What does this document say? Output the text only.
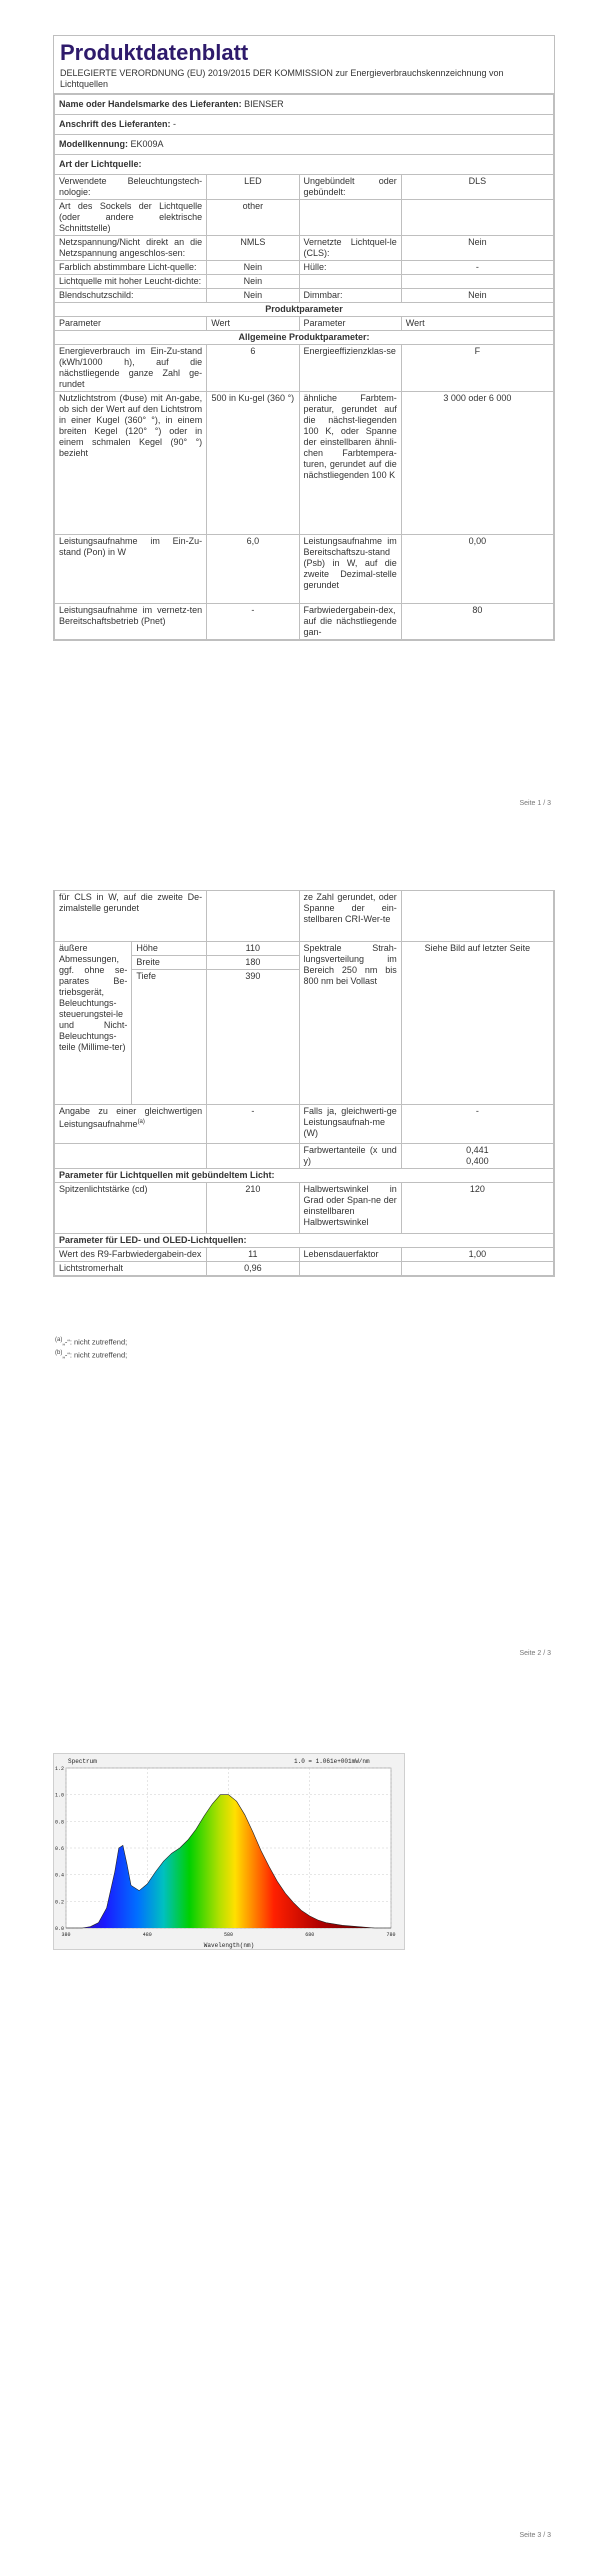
Produktdatenblatt
DELEGIERTE VERORDNUNG (EU) 2019/2015 DER KOMMISSION zur Energieverbrauchskennzeichnung von Lichtquellen
Name oder Handelsmarke des Lieferanten: BIENSER			
Anschrift des Lieferanten: -			
Modellkennung: EK009A			
Art der Lichtquelle:			
Verwendete Beleuchtungstech-nologie:	LED	Ungebündelt oder gebündelt:	DLS
Art des Sockels der Lichtquelle (oder andere elektrische Schnittstelle)	other		
Netzspannung/Nicht direkt an die Netzspannung angeschlos-sen:	NMLS	Vernetzte Lichtquel-le (CLS):	Nein
Farblich abstimmbare Licht-quelle:	Nein	Hülle:	-
Lichtquelle mit hoher Leucht-dichte:	Nein		
Blendschutzschild:	Nein	Dimmbar:	Nein
Produktparameter			
Parameter	Wert	Parameter	Wert
Allgemeine Produktparameter:			
Energieverbrauch im Ein-Zu-stand (kWh/1000 h), auf die nächstliegende ganze Zahl ge-rundet	6	Energieeffizienzklas-se	F
Nutzlichtstrom (Φuse) mit An-gabe, ob sich der Wert auf den Lichtstrom in einer Kugel (360° °), in einem breiten Kegel (120° °) oder in einem schmalen Kegel (90° °) bezieht	500 in Ku-gel (360 °)	ähnliche Farbtem-peratur, gerundet auf die nächst-liegenden 100 K, oder Spanne der einstellbaren ähnli-chen Farbtempera-turen, gerundet auf die nächstliegenden 100 K	3 000 oder 6 000
Leistungsaufnahme im Ein-Zu-stand (Pon) in W	6,0	Leistungsaufnahme im Bereitschaftszu-stand (Psb) in W, auf die zweite Dezimal-stelle gerundet	0,00
Leistungsaufnahme im vernetz-ten Bereitschaftsbetrieb (Pnet)	-	Farbwiedergabein-dex, auf die nächstliegende gan-	80
Seite 1 / 3
für CLS in W, auf die zweite De-zimalstelle gerundet			ze Zahl gerundet, oder Spanne der ein-stellbaren CRI-Wer-te	
äußere Abmessungen, ggf. ohne se-parates Be-triebsgerät, Beleuchtungs-steuerungstei-le und Nicht-Beleuchtungs-teile (Millime-ter)	Höhe	110	Spektrale Strah-lungsverteilung im Bereich 250 nm bis 800 nm bei Vollast	Siehe Bild auf letzter Seite
	Breite	180		
	Tiefe	390		
Angabe zu einer gleichwertigen Leistungsaufnahme$^{(a)}$		-	Falls ja, gleichwerti-ge Leistungsaufnah-me (W)	-
			Farbwertanteile (x und y)	0,441
0,400

Parameter für Lichtquellen mit gebündeltem Licht:				
Spitzenlichtstärke (cd)		210	Halbwertswinkel in Grad oder Span-ne der einstellbaren Halbwertswinkel	120
Parameter für LED- und OLED-Lichtquellen:				
Wert des R9-Farbwiedergabein-dex		11	Lebensdauerfaktor	1,00
Lichtstromerhalt		0,96		
$^{(a)}$„-“: nicht zutreffend;
$^{(b)}$„-“: nicht zutreffend;
Seite 2 / 3
Seite 3 / 3
0.0
0.2
0.4
0.6
0.8
1.0
1.2
380	480	580	680	780
Spectrum	1.0 = 1.061e+001mW/nm
Wavelength(nm)
